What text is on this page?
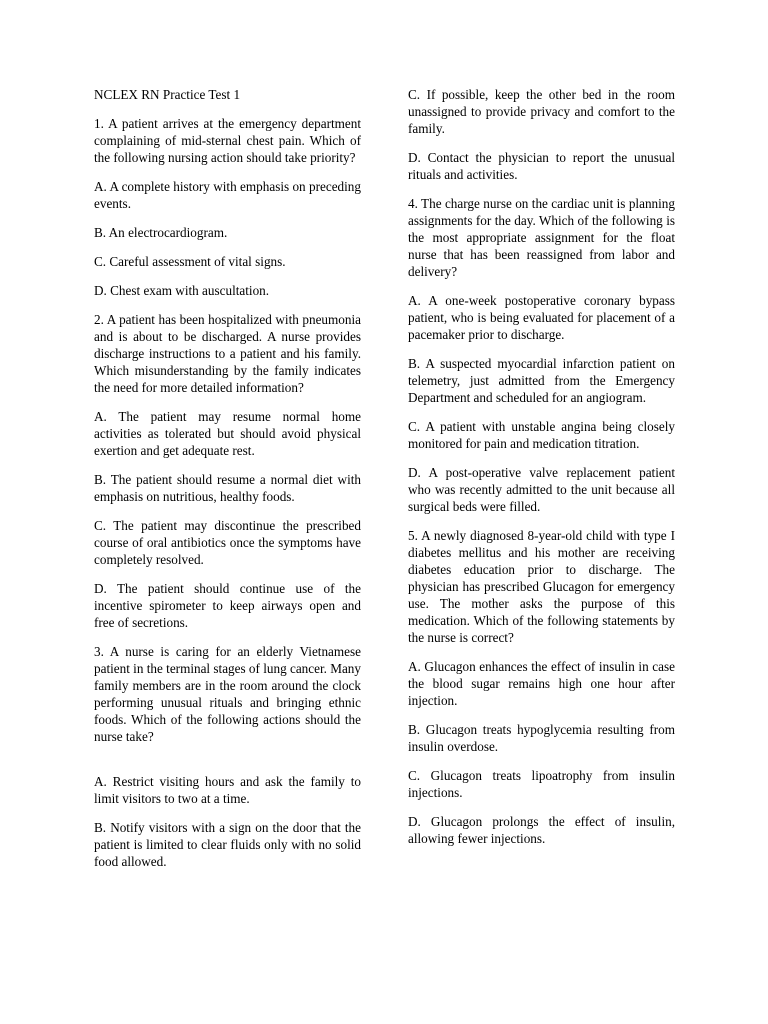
NCLEX RN Practice Test 1

1. A patient arrives at the emergency department complaining of mid-sternal chest pain. Which of the following nursing action should take priority?

A. A complete history with emphasis on preceding events.

B. An electrocardiogram.

C. Careful assessment of vital signs.

D. Chest exam with auscultation.

2. A patient has been hospitalized with pneumonia and is about to be discharged. A nurse provides discharge instructions to a patient and his family. Which misunderstanding by the family indicates the need for more detailed information?

A. The patient may resume normal home activities as tolerated but should avoid physical exertion and get adequate rest.

B. The patient should resume a normal diet with emphasis on nutritious, healthy foods.

C. The patient may discontinue the prescribed course of oral antibiotics once the symptoms have completely resolved.

D. The patient should continue use of the incentive spirometer to keep airways open and free of secretions.

3. A nurse is caring for an elderly Vietnamese patient in the terminal stages of lung cancer. Many family members are in the room around the clock performing unusual rituals and bringing ethnic foods. Which of the following actions should the nurse take?

A. Restrict visiting hours and ask the family to limit visitors to two at a time.

B. Notify visitors with a sign on the door that the patient is limited to clear fluids only with no solid food allowed.

C. If possible, keep the other bed in the room unassigned to provide privacy and comfort to the family.

D. Contact the physician to report the unusual rituals and activities.

4. The charge nurse on the cardiac unit is planning assignments for the day. Which of the following is the most appropriate assignment for the float nurse that has been reassigned from labor and delivery?

A. A one-week postoperative coronary bypass patient, who is being evaluated for placement of a pacemaker prior to discharge.

B. A suspected myocardial infarction patient on telemetry, just admitted from the Emergency Department and scheduled for an angiogram.

C. A patient with unstable angina being closely monitored for pain and medication titration.

D. A post-operative valve replacement patient who was recently admitted to the unit because all surgical beds were filled.

5. A newly diagnosed 8-year-old child with type I diabetes mellitus and his mother are receiving diabetes education prior to discharge. The physician has prescribed Glucagon for emergency use. The mother asks the purpose of this medication. Which of the following statements by the nurse is correct?

A. Glucagon enhances the effect of insulin in case the blood sugar remains high one hour after injection.

B. Glucagon treats hypoglycemia resulting from insulin overdose.

C. Glucagon treats lipoatrophy from insulin injections.

D. Glucagon prolongs the effect of insulin, allowing fewer injections.
